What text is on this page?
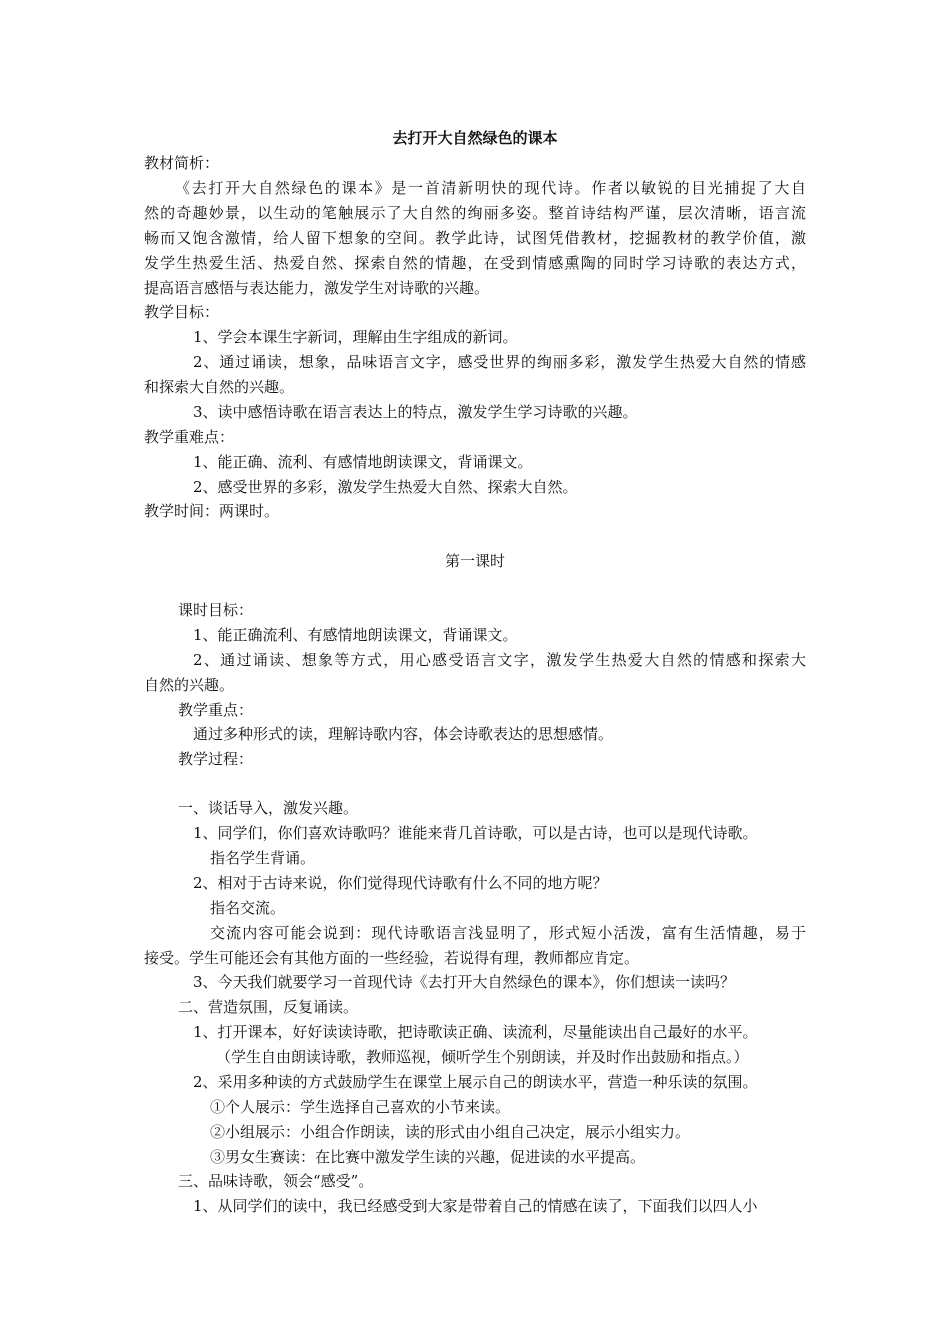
去打开大自然绿色的课本
教材简析：
《去打开大自然绿色的课本》是一首清新明快的现代诗。作者以敏锐的目光捕捉了大自
然的奇趣妙景，以生动的笔触展示了大自然的绚丽多姿。整首诗结构严谨，层次清晰，语言流
畅而又饱含激情，给人留下想象的空间。教学此诗，试图凭借教材，挖掘教材的教学价值，激
发学生热爱生活、热爱自然、探索自然的情趣，在受到情感熏陶的同时学习诗歌的表达方式，
提高语言感悟与表达能力，激发学生对诗歌的兴趣。
教学目标：
1、学会本课生字新词，理解由生字组成的新词。
2、通过诵读，想象，品味语言文字，感受世界的绚丽多彩，激发学生热爱大自然的情感
和探索大自然的兴趣。
3、读中感悟诗歌在语言表达上的特点，激发学生学习诗歌的兴趣。
教学重难点：
1、能正确、流利、有感情地朗读课文，背诵课文。
2、感受世界的多彩，激发学生热爱大自然、探索大自然。
教学时间：两课时。
第一课时
课时目标：
1、能正确流利、有感情地朗读课文，背诵课文。
2、通过诵读、想象等方式，用心感受语言文字，激发学生热爱大自然的情感和探索大
自然的兴趣。
教学重点：
通过多种形式的读，理解诗歌内容，体会诗歌表达的思想感情。
教学过程：
一、谈话导入，激发兴趣。
1、同学们，你们喜欢诗歌吗？谁能来背几首诗歌，可以是古诗，也可以是现代诗歌。
指名学生背诵。
2、相对于古诗来说，你们觉得现代诗歌有什么不同的地方呢？
指名交流。
交流内容可能会说到：现代诗歌语言浅显明了，形式短小活泼，富有生活情趣，易于
接受。学生可能还会有其他方面的一些经验，若说得有理，教师都应肯定。
3、今天我们就要学习一首现代诗《去打开大自然绿色的课本》，你们想读一读吗？
二、营造氛围，反复诵读。
1、打开课本，好好读读诗歌，把诗歌读正确、读流利，尽量能读出自己最好的水平。
（学生自由朗读诗歌，教师巡视，倾听学生个别朗读，并及时作出鼓励和指点。）
2、采用多种读的方式鼓励学生在课堂上展示自己的朗读水平，营造一种乐读的氛围。
①个人展示：学生选择自己喜欢的小节来读。
②小组展示：小组合作朗读，读的形式由小组自己决定，展示小组实力。
③男女生赛读：在比赛中激发学生读的兴趣，促进读的水平提高。
三、品味诗歌，领会“感受”。
1、从同学们的读中，我已经感受到大家是带着自己的情感在读了，下面我们以四人小
